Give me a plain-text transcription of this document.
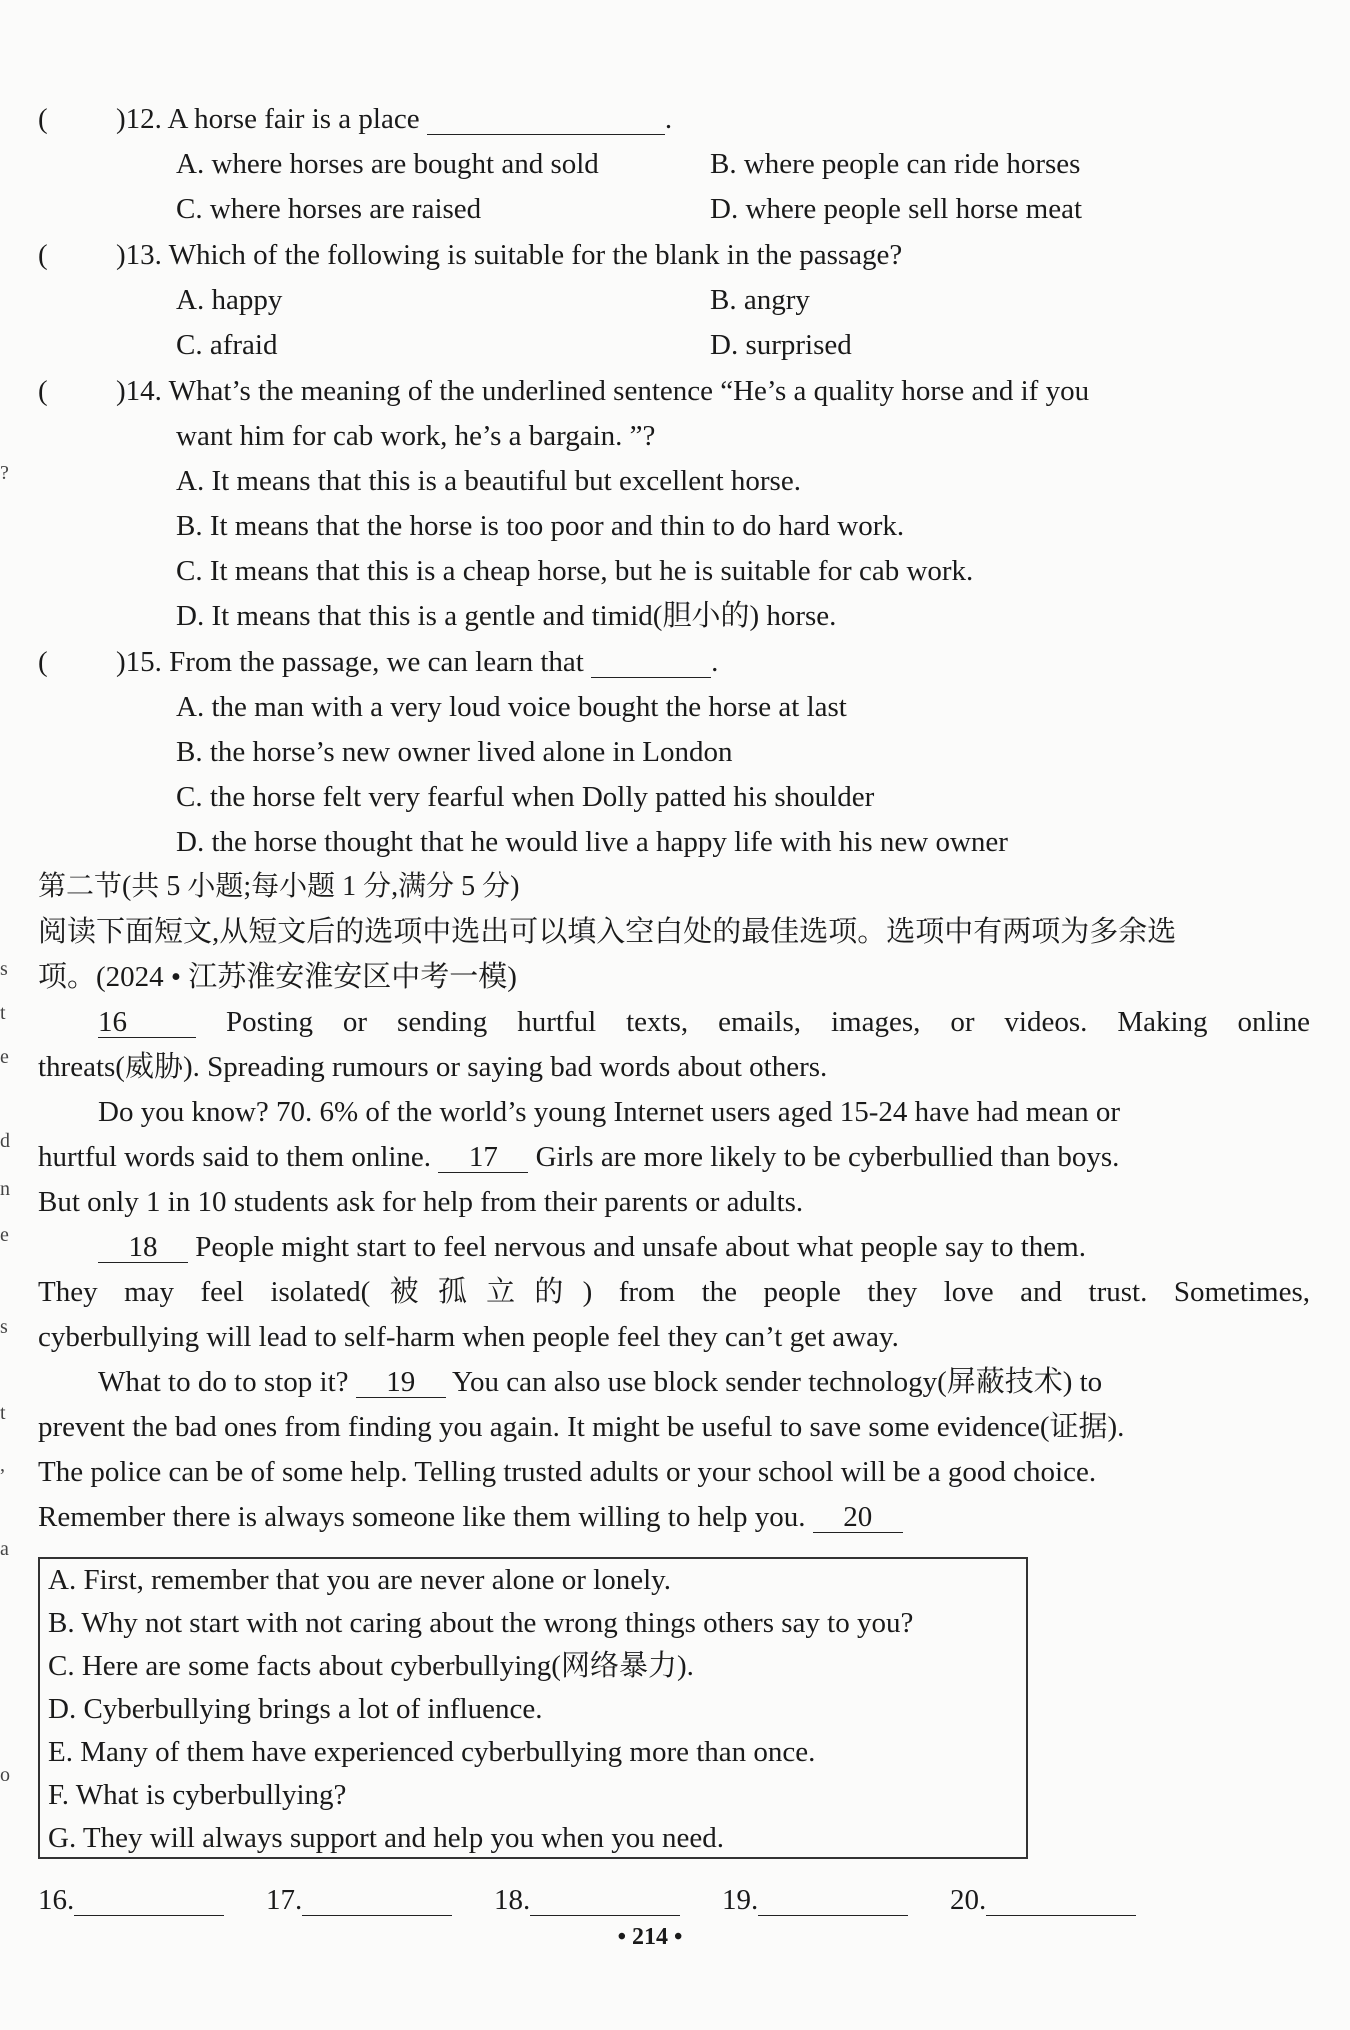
?
s
t
e
d
n
e
s
t
,
a
o
( )12. A horse fair is a place	.
A. where horses are bought and sold	B. where people can ride horses
C. where horses are raised	D. where people sell horse meat
( )13. Which of the following is suitable for the blank in the passage?
A. happy	B. angry
C. afraid	D. surprised
( )14. What’s the meaning of the underlined sentence “He’s a quality horse and if you
want him for cab work, he’s a bargain. ”?
A. It means that this is a beautiful but excellent horse.
B. It means that the horse is too poor and thin to do hard work.
C. It means that this is a cheap horse, but he is suitable for cab work.
D. It means that this is a gentle and timid(胆小的) horse.
( )15. From the passage, we can learn that	.
A. the man with a very loud voice bought the horse at last
B. the horse’s new owner lived alone in London
C. the horse felt very fearful when Dolly patted his shoulder
D. the horse thought that he would live a happy life with his new owner
第二节(共 5 小题;每小题 1 分,满分 5 分)
阅读下面短文,从短文后的选项中选出可以填入空白处的最佳选项。选项中有两项为多余选
项。(2024 • 江苏淮安淮安区中考一模)
16	Posting or sending hurtful texts, emails, images, or videos. Making online
threats(威胁). Spreading rumours or saying bad words about others.
Do you know? 70. 6% of the world’s young Internet users aged 15-24 have had mean or
hurtful words said to them online. 17 Girls are more likely to be cyberbullied than boys.
But only 1 in 10 students ask for help from their parents or adults.
18 People might start to feel nervous and unsafe about what people say to them.
They may feel isolated(被孤立的) from the people they love and trust. Sometimes,
cyberbullying will lead to self-harm when people feel they can’t get away.
What to do to stop it? 19 You can also use block sender technology(屏蔽技术) to
prevent the bad ones from finding you again. It might be useful to save some evidence(证据).
The police can be of some help. Telling trusted adults or your school will be a good choice.
Remember there is always someone like them willing to help you. 20
A. First, remember that you are never alone or lonely.
B. Why not start with not caring about the wrong things others say to you?
C. Here are some facts about cyberbullying(网络暴力).
D. Cyberbullying brings a lot of influence.
E. Many of them have experienced cyberbullying more than once.
F. What is cyberbullying?
G. They will always support and help you when you need.
16.	17.	18.	19.	20.
• 214 •
